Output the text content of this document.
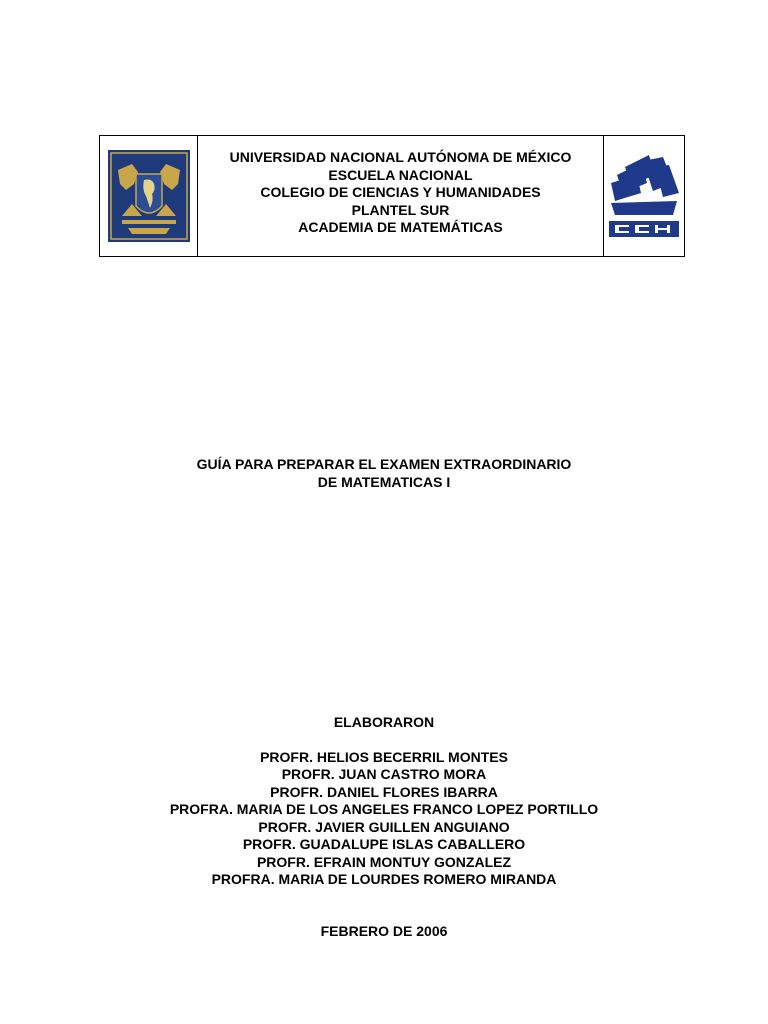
UNIVERSIDAD NACIONAL AUTÓNOMA DE MÉXICO
ESCUELA NACIONAL
COLEGIO DE CIENCIAS Y HUMANIDADES
PLANTEL SUR
ACADEMIA DE MATEMÁTICAS
GUÍA PARA PREPARAR EL EXAMEN EXTRAORDINARIO
DE MATEMATICAS I
ELABORARON
PROFR. HELIOS BECERRIL MONTES
PROFR. JUAN CASTRO MORA
PROFR. DANIEL FLORES IBARRA
PROFRA. MARIA DE LOS ANGELES FRANCO LOPEZ PORTILLO
PROFR. JAVIER GUILLEN ANGUIANO
PROFR. GUADALUPE ISLAS CABALLERO
PROFR. EFRAIN MONTUY GONZALEZ
PROFRA. MARIA DE LOURDES ROMERO MIRANDA
FEBRERO DE 2006
